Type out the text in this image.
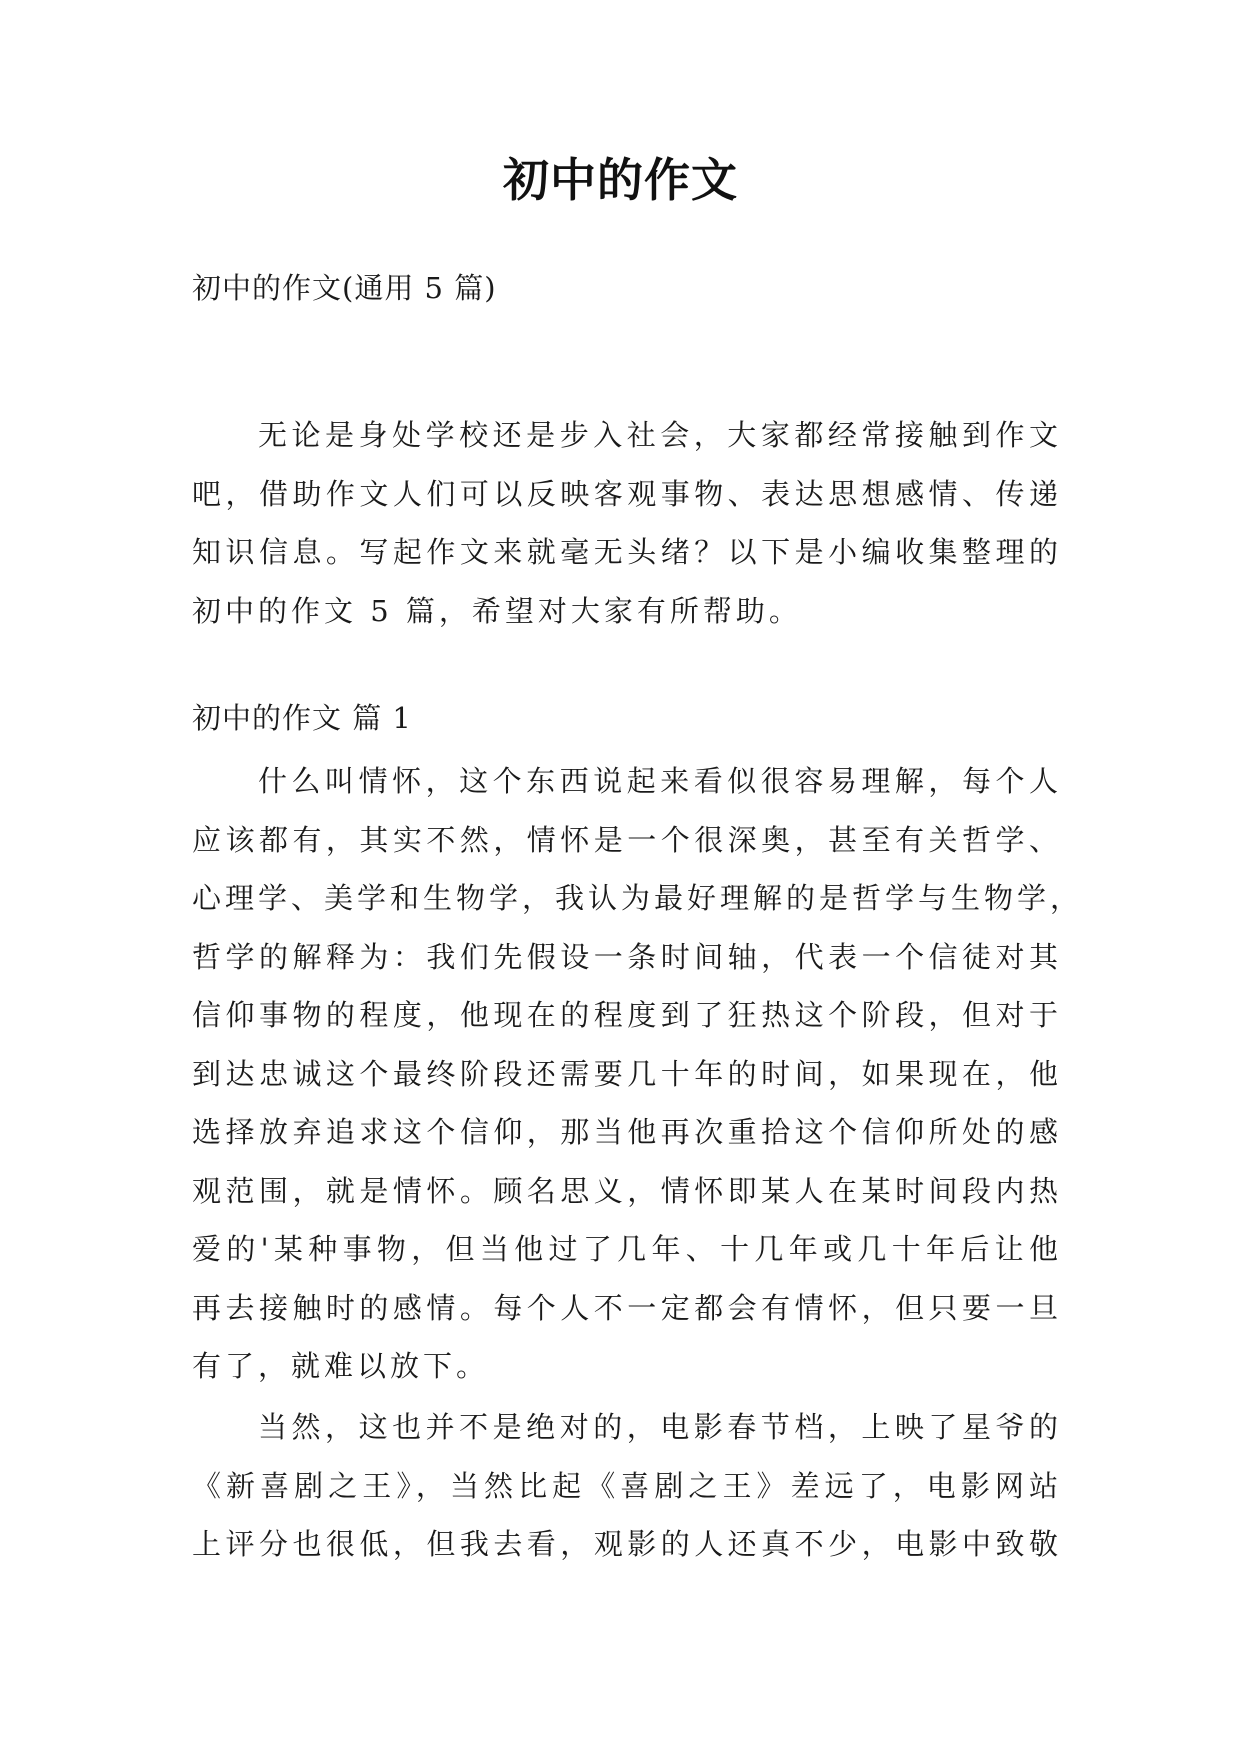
初中的作文
初中的作文(通用 5 篇)
无论是身处学校还是步入社会，大家都经常接触到作文
吧，借助作文人们可以反映客观事物、表达思想感情、传递
知识信息。写起作文来就毫无头绪？以下是小编收集整理的
初中的作文 5 篇，希望对大家有所帮助。
初中的作文 篇 1
什么叫情怀，这个东西说起来看似很容易理解，每个人
应该都有，其实不然，情怀是一个很深奥，甚至有关哲学、
心理学、美学和生物学，我认为最好理解的是哲学与生物学，
哲学的解释为：我们先假设一条时间轴，代表一个信徒对其
信仰事物的程度，他现在的程度到了狂热这个阶段，但对于
到达忠诚这个最终阶段还需要几十年的时间，如果现在，他
选择放弃追求这个信仰，那当他再次重拾这个信仰所处的感
观范围，就是情怀。顾名思义，情怀即某人在某时间段内热
爱的'某种事物，但当他过了几年、十几年或几十年后让他
再去接触时的感情。每个人不一定都会有情怀，但只要一旦
有了，就难以放下。
当然，这也并不是绝对的，电影春节档，上映了星爷的
《新喜剧之王》，当然比起《喜剧之王》差远了，电影网站
上评分也很低，但我去看，观影的人还真不少，电影中致敬
